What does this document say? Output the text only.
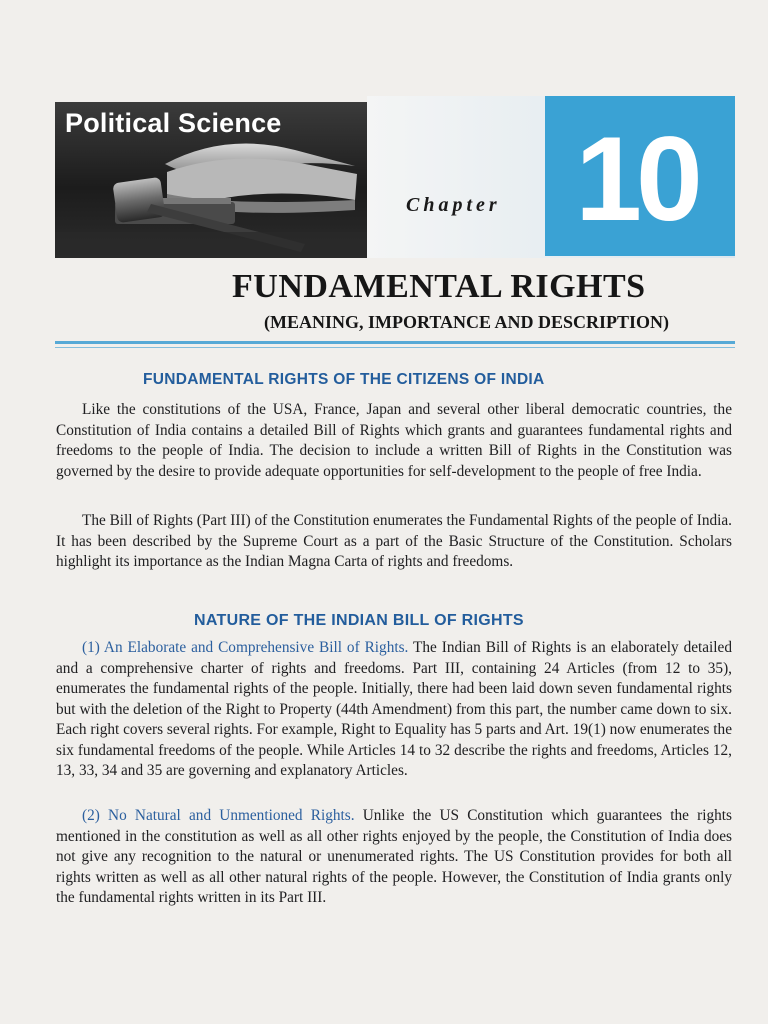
Political Science
Chapter 10
FUNDAMENTAL RIGHTS
(MEANING, IMPORTANCE AND DESCRIPTION)
FUNDAMENTAL RIGHTS OF THE CITIZENS OF INDIA

Like the constitutions of the USA, France, Japan and several other liberal democratic countries, the Constitution of India contains a detailed Bill of Rights which grants and guarantees fundamental rights and freedoms to the people of India. The decision to include a written Bill of Rights in the Constitution was governed by the desire to provide adequate opportunities for self-development to the people of free India.

The Bill of Rights (Part III) of the Constitution enumerates the Fundamental Rights of the people of India. It has been described by the Supreme Court as a part of the Basic Structure of the Constitution. Scholars highlight its importance as the Indian Magna Carta of rights and freedoms.

NATURE OF THE INDIAN BILL OF RIGHTS

(1) An Elaborate and Comprehensive Bill of Rights. The Indian Bill of Rights is an elaborately detailed and a comprehensive charter of rights and freedoms. Part III, containing 24 Articles (from 12 to 35), enumerates the fundamental rights of the people. Initially, there had been laid down seven fundamental rights but with the deletion of the Right to Property (44th Amendment) from this part, the number came down to six. Each right covers several rights. For example, Right to Equality has 5 parts and Art. 19(1) now enumerates the six fundamental freedoms of the people. While Articles 14 to 32 describe the rights and freedoms, Articles 12, 13, 33, 34 and 35 are governing and explanatory Articles.

(2) No Natural and Unmentioned Rights. Unlike the US Constitution which guarantees the rights mentioned in the constitution as well as all other rights enjoyed by the people, the Constitution of India does not give any recognition to the natural or unenumerated rights. The US Constitution provides for both all rights written as well as all other natural rights of the people. However, the Constitution of India grants only the fundamental rights written in its Part III.
